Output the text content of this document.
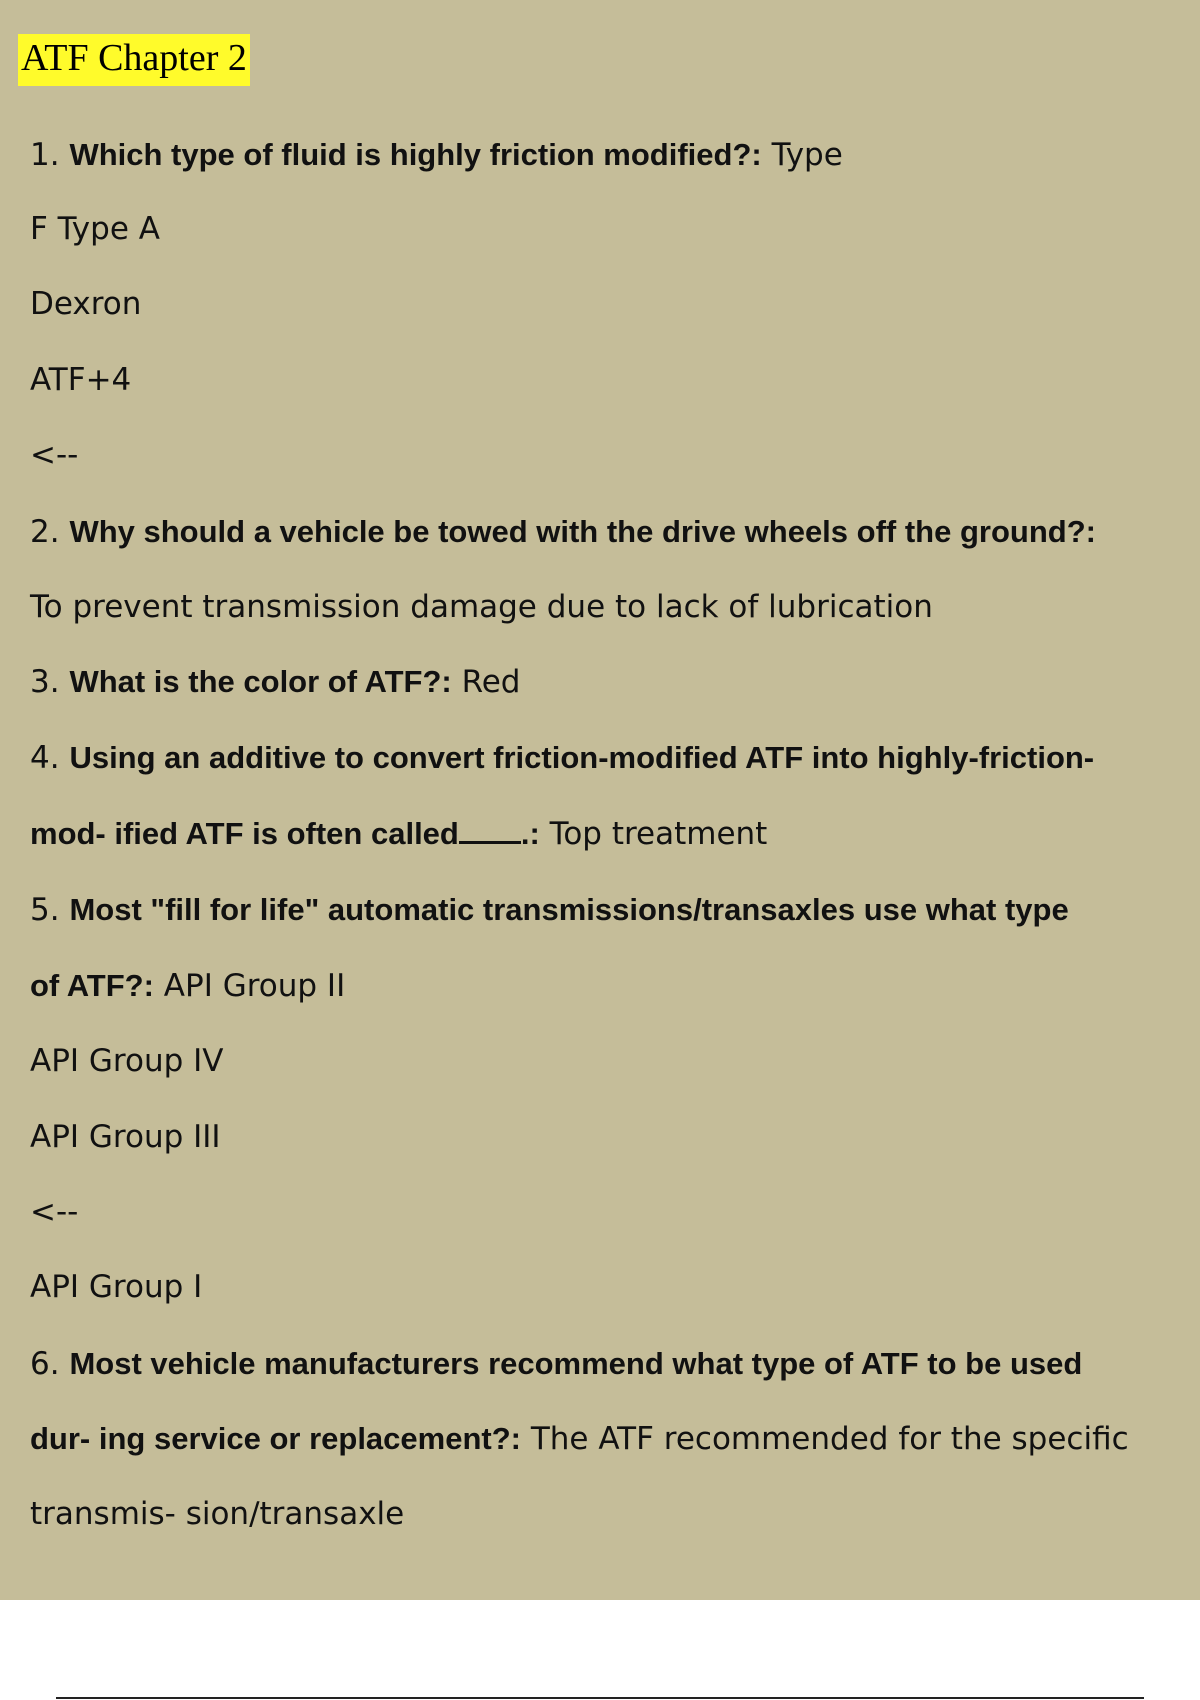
ATF Chapter 2
1. Which type of fluid is highly friction modified?: Type
F Type A
Dexron
ATF+4
<--
2. Why should a vehicle be towed with the drive wheels off the ground?:
To prevent transmission damage due to lack of lubrication
3. What is the color of ATF?: Red
4. Using an additive to convert friction-modified ATF into highly-friction-
mod- ified ATF is often called .: Top treatment
5. Most "fill for life" automatic transmissions/transaxles use what type
of ATF?: API Group II
API Group IV
API Group III
<--
API Group I
6. Most vehicle manufacturers recommend what type of ATF to be used
dur- ing service or replacement?: The ATF recommended for the specific
transmis- sion/transaxle
